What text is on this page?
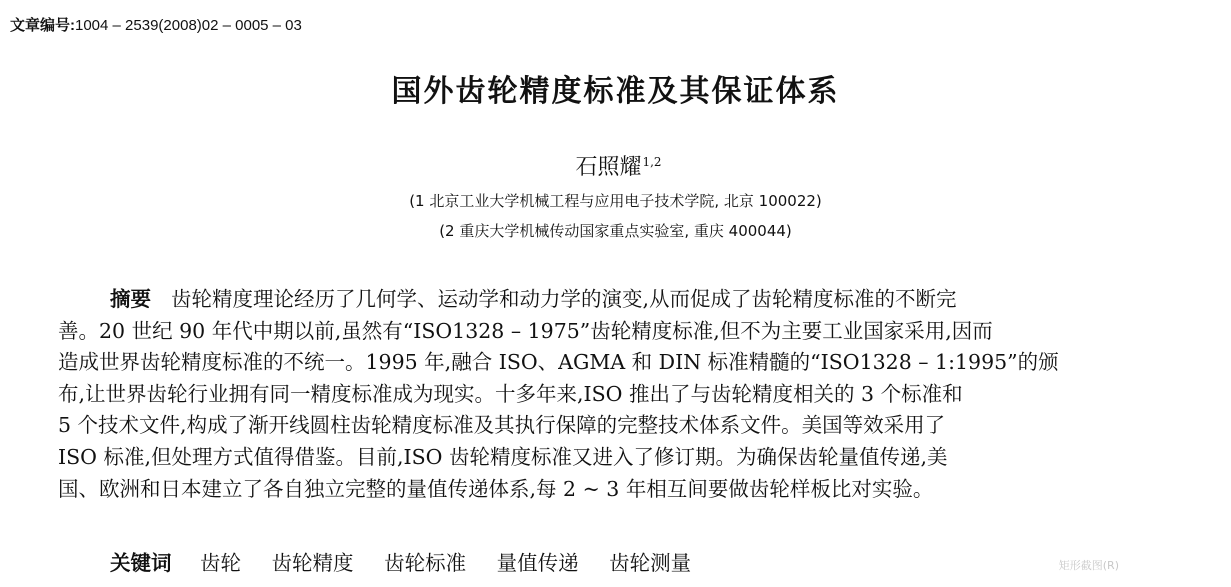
文章编号:1004 – 2539(2008)02 – 0005 – 03
国外齿轮精度标准及其保证体系
石照耀$^{1,2}$
(1 北京工业大学机械工程与应用电子技术学院, 北京 100022)
(2 重庆大学机械传动国家重点实验室, 重庆 400044)
摘要 齿轮精度理论经历了几何学、运动学和动力学的演变,从而促成了齿轮精度标准的不断完
善。20 世纪 90 年代中期以前,虽然有“ISO1328 – 1975”齿轮精度标准,但不为主要工业国家采用,因而
造成世界齿轮精度标准的不统一。1995 年,融合 ISO、AGMA 和 DIN 标准精髓的“ISO1328 – 1:1995”的颁
布,让世界齿轮行业拥有同一精度标准成为现实。十多年来,ISO 推出了与齿轮精度相关的 3 个标准和
5 个技术文件,构成了渐开线圆柱齿轮精度标准及其执行保障的完整技术体系文件。美国等效采用了
ISO 标准,但处理方式值得借鉴。目前,ISO 齿轮精度标准又进入了修订期。为确保齿轮量值传递,美
国、欧洲和日本建立了各自独立完整的量值传递体系,每 2 ~ 3 年相互间要做齿轮样板比对实验。
关键词 齿轮 齿轮精度 齿轮标准 量值传递 齿轮测量	矩形截图(R)
